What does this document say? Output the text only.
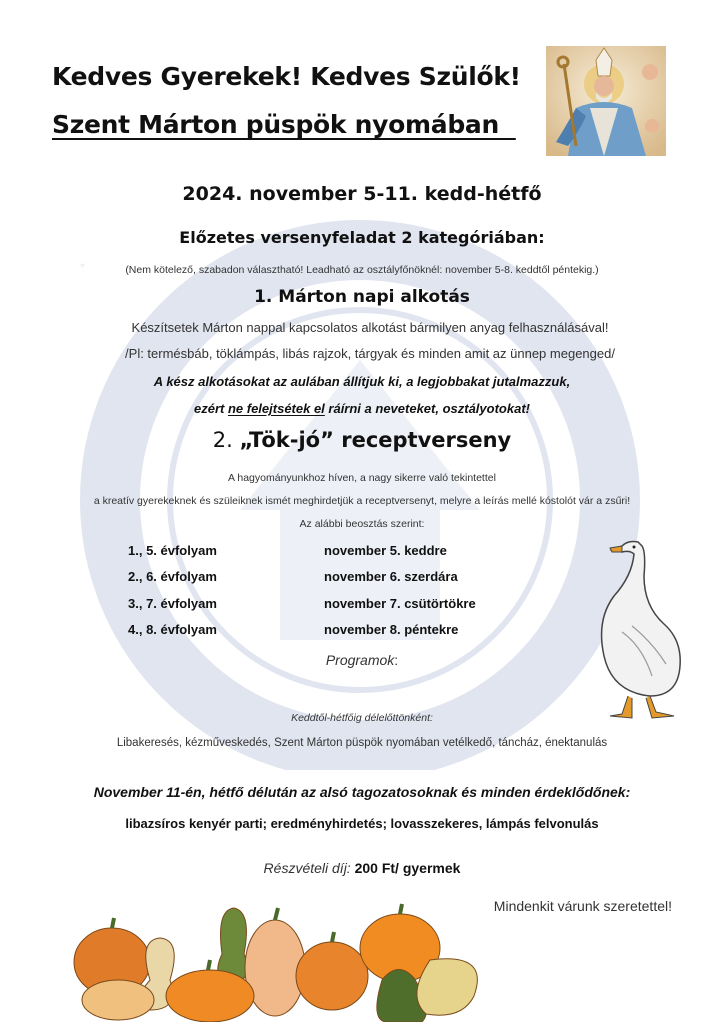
*
Kedves Gyerekek! Kedves Szülők!
Szent Márton püspök nyomában
2024. november 5-11. kedd-hétfő
Előzetes versenyfeladat 2 kategóriában:
(Nem kötelező, szabadon választható! Leadható az osztályfőnöknél: november 5-8. keddtől péntekig.)
1. Márton napi alkotás
Készítsetek Márton nappal kapcsolatos alkotást bármilyen anyag felhasználásával!
/Pl: termésbáb, töklámpás, libás rajzok, tárgyak és minden amit az ünnep megenged/
A kész alkotásokat az aulában állítjuk ki, a legjobbakat jutalmazzuk,
ezért ne felejtsétek el ráírni a neveteket, osztályotokat!
2. „Tök-jó” receptverseny
A hagyományunkhoz híven, a nagy sikerre való tekintettel
a kreatív gyerekeknek és szüleiknek ismét meghirdetjük a receptversenyt, melyre a leírás mellé kóstolót vár a zsűri!
Az alábbi beosztás szerint:
1., 5. évfolyam	november 5. keddre
2., 6. évfolyam	november 6. szerdára
3., 7. évfolyam	november 7. csütörtökre
4., 8. évfolyam	november 8. péntekre
Programok:
Keddtől-hétfőig délelőttönként:
Libakeresés, kézműveskedés, Szent Márton püspök nyomában vetélkedő, táncház, énektanulás
November 11-én, hétfő délután az alsó tagozatosoknak és minden érdeklődőnek:
libazsíros kenyér parti; eredményhirdetés; lovasszekeres, lámpás felvonulás
Részvételi díj: 200 Ft/ gyermek
Mindenkit várunk szeretettel!
